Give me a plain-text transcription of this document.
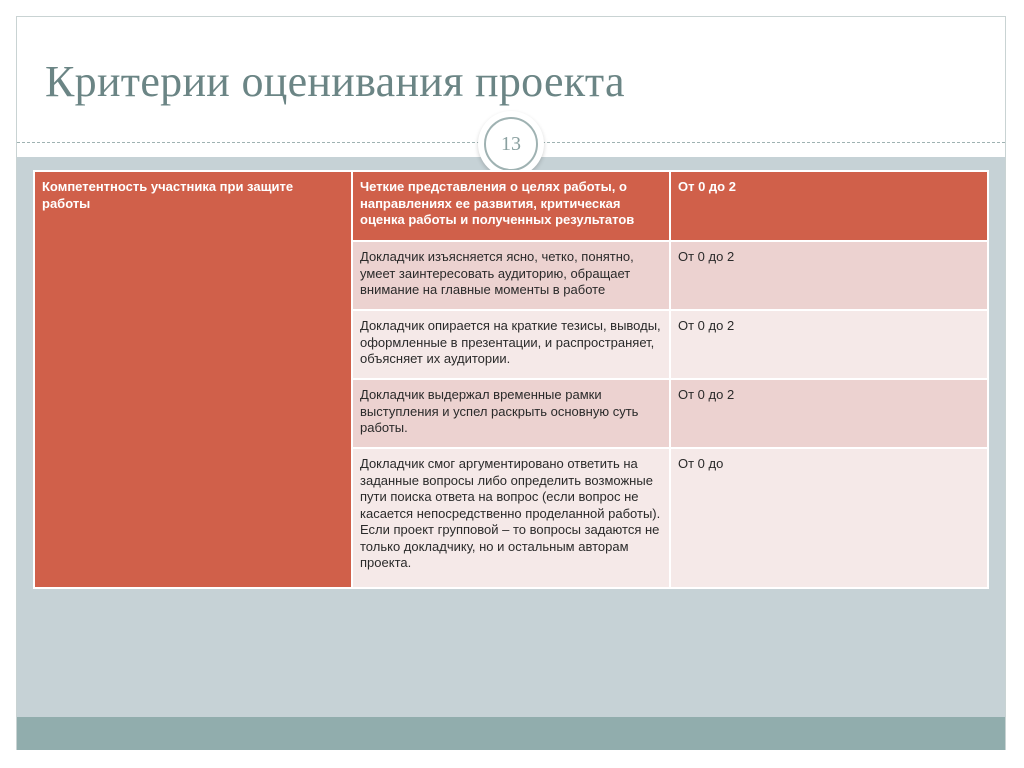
Критерии оценивания проекта
13
Компетентность участника при защите работы	Четкие представления о целях работы, о направлениях ее развития, критическая оценка работы и полученных результатов	От 0 до 2
	Докладчик изъясняется ясно, четко, понятно, умеет заинтересовать аудиторию, обращает внимание на главные моменты в работе	От 0 до 2
	Докладчик опирается на краткие тезисы, выводы, оформленные в презентации, и распространяет, объясняет их аудитории.	От 0 до 2
	Докладчик выдержал временные рамки выступления и успел раскрыть основную суть работы.	От 0 до 2
	Докладчик смог аргументировано ответить на заданные вопросы либо определить возможные пути поиска ответа на вопрос (если вопрос не касается непосредственно проделанной работы). Если проект групповой – то вопросы задаются не только докладчику, но и остальным авторам проекта.	От 0 до
